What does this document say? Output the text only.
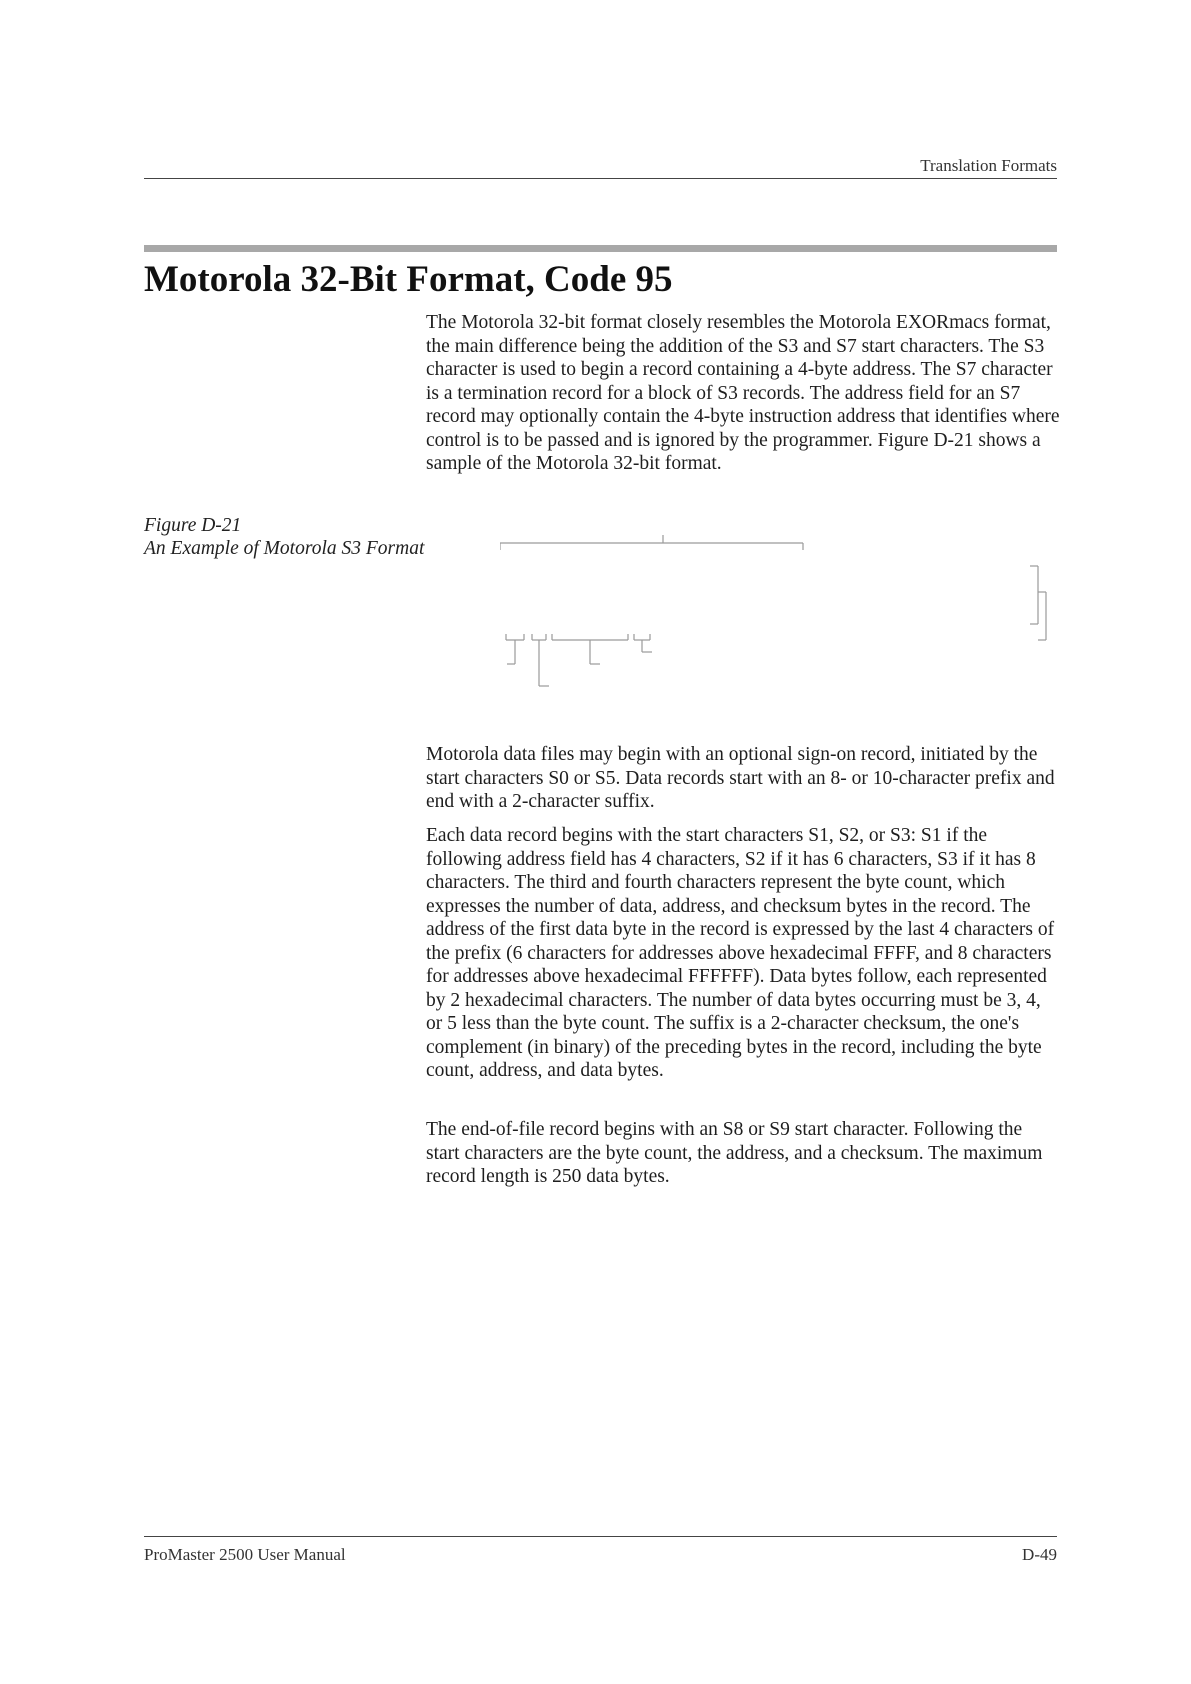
Translation Formats
Motorola 32-Bit Format, Code 95

The Motorola 32-bit format closely resembles the Motorola EXORmacs format, the main difference being the addition of the S3 and S7 start characters. The S3 character is used to begin a record containing a 4-byte address. The S7 character is a termination record for a block of S3 records. The address field for an S7 record may optionally contain the 4-byte instruction address that identifies where control is to be passed and is ignored by the programmer. Figure D-21 shows a sample of the Motorola 32-bit format.

Figure D-21
An Example of Motorola S3 Format

Motorola data files may begin with an optional sign-on record, initiated by the start characters S0 or S5. Data records start with an 8- or 10-character prefix and end with a 2-character suffix.

Each data record begins with the start characters S1, S2, or S3: S1 if the following address field has 4 characters, S2 if it has 6 characters, S3 if it has 8 characters. The third and fourth characters represent the byte count, which expresses the number of data, address, and checksum bytes in the record. The address of the first data byte in the record is expressed by the last 4 characters of the prefix (6 characters for addresses above hexadecimal FFFF, and 8 characters for addresses above hexadecimal FFFFFF). Data bytes follow, each represented by 2 hexadecimal characters. The number of data bytes occurring must be 3, 4, or 5 less than the byte count. The suffix is a 2-character checksum, the one's complement (in binary) of the preceding bytes in the record, including the byte count, address, and data bytes.

The end-of-file record begins with an S8 or S9 start character. Following the start characters are the byte count, the address, and a checksum. The maximum record length is 250 data bytes.

ProMaster 2500 User Manual	D-49
